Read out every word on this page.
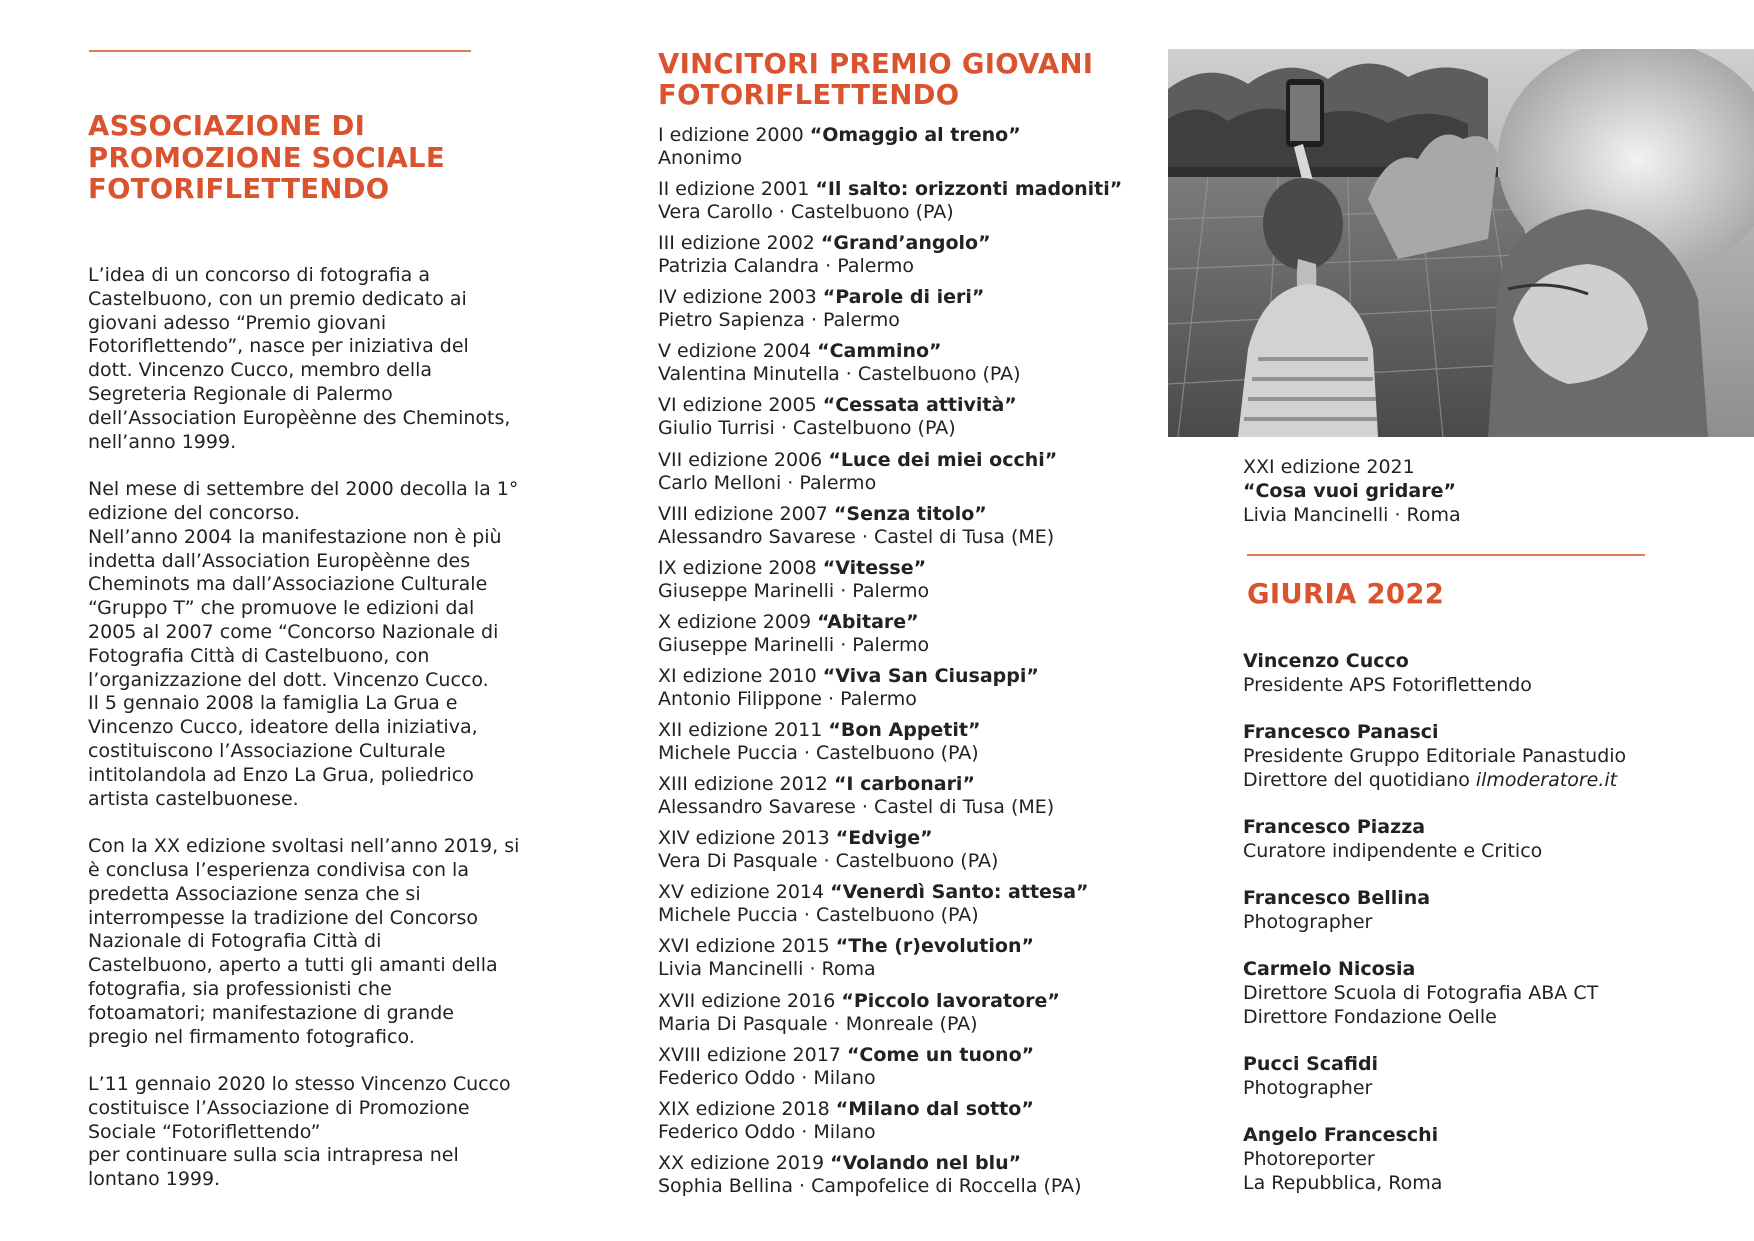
ASSOCIAZIONE DI
PROMOZIONE SOCIALE
FOTORIFLETTENDO

L’idea di un concorso di fotografia a
Castelbuono, con un premio dedicato ai
giovani adesso “Premio giovani
Fotoriflettendo”, nasce per iniziativa del
dott. Vincenzo Cucco, membro della
Segreteria Regionale di Palermo
dell’Association Europèènne des Cheminots,
nell’anno 1999.

Nel mese di settembre del 2000 decolla la 1°
edizione del concorso.
Nell’anno 2004 la manifestazione non è più
indetta dall’Association Europèènne des
Cheminots ma dall’Associazione Culturale
“Gruppo T” che promuove le edizioni dal
2005 al 2007 come “Concorso Nazionale di
Fotografia Città di Castelbuono, con
l’organizzazione del dott. Vincenzo Cucco.
Il 5 gennaio 2008 la famiglia La Grua e
Vincenzo Cucco, ideatore della iniziativa,
costituiscono l’Associazione Culturale
intitolandola ad Enzo La Grua, poliedrico
artista castelbuonese.

Con la XX edizione svoltasi nell’anno 2019, si
è conclusa l’esperienza condivisa con la
predetta Associazione senza che si
interrompesse la tradizione del Concorso
Nazionale di Fotografia Città di
Castelbuono, aperto a tutti gli amanti della
fotografia, sia professionisti che
fotoamatori; manifestazione di grande
pregio nel firmamento fotografico.

L’11 gennaio 2020 lo stesso Vincenzo Cucco
costituisce l’Associazione di Promozione
Sociale “Fotoriflettendo”
per continuare sulla scia intrapresa nel
lontano 1999.

VINCITORI PREMIO GIOVANI
FOTORIFLETTENDO
I edizione 2000 “Omaggio al treno”
Anonimo
II edizione 2001 “Il salto: orizzonti madoniti”
Vera Carollo · Castelbuono (PA)
III edizione 2002 “Grand’angolo”
Patrizia Calandra · Palermo
IV edizione 2003 “Parole di ieri”
Pietro Sapienza · Palermo
V edizione 2004 “Cammino”
Valentina Minutella · Castelbuono (PA)
VI edizione 2005 “Cessata attività”
Giulio Turrisi · Castelbuono (PA)
VII edizione 2006 “Luce dei miei occhi”
Carlo Melloni · Palermo
VIII edizione 2007 “Senza titolo”
Alessandro Savarese · Castel di Tusa (ME)
IX edizione 2008 “Vitesse”
Giuseppe Marinelli · Palermo
X edizione 2009 “Abitare”
Giuseppe Marinelli · Palermo
XI edizione 2010 “Viva San Ciusappi”
Antonio Filippone · Palermo
XII edizione 2011 “Bon Appetit”
Michele Puccia · Castelbuono (PA)
XIII edizione 2012 “I carbonari”
Alessandro Savarese · Castel di Tusa (ME)
XIV edizione 2013 “Edvige”
Vera Di Pasquale · Castelbuono (PA)
XV edizione 2014 “Venerdì Santo: attesa”
Michele Puccia · Castelbuono (PA)
XVI edizione 2015 “The (r)evolution”
Livia Mancinelli · Roma
XVII edizione 2016 “Piccolo lavoratore”
Maria Di Pasquale · Monreale (PA)
XVIII edizione 2017 “Come un tuono”
Federico Oddo · Milano
XIX edizione 2018 “Milano dal sotto”
Federico Oddo · Milano
XX edizione 2019 “Volando nel blu”
Sophia Bellina · Campofelice di Roccella (PA)
XXI edizione 2021
“Cosa vuoi gridare”
Livia Mancinelli · Roma
GIURIA 2022
Vincenzo Cucco
Presidente APS Fotoriflettendo
Francesco Panasci
Presidente Gruppo Editoriale Panastudio
Direttore del quotidiano ilmoderatore.it
Francesco Piazza
Curatore indipendente e Critico
Francesco Bellina
Photographer
Carmelo Nicosia
Direttore Scuola di Fotografia ABA CT
Direttore Fondazione Oelle
Pucci Scafidi
Photographer
Angelo Franceschi
Photoreporter
La Repubblica, Roma
